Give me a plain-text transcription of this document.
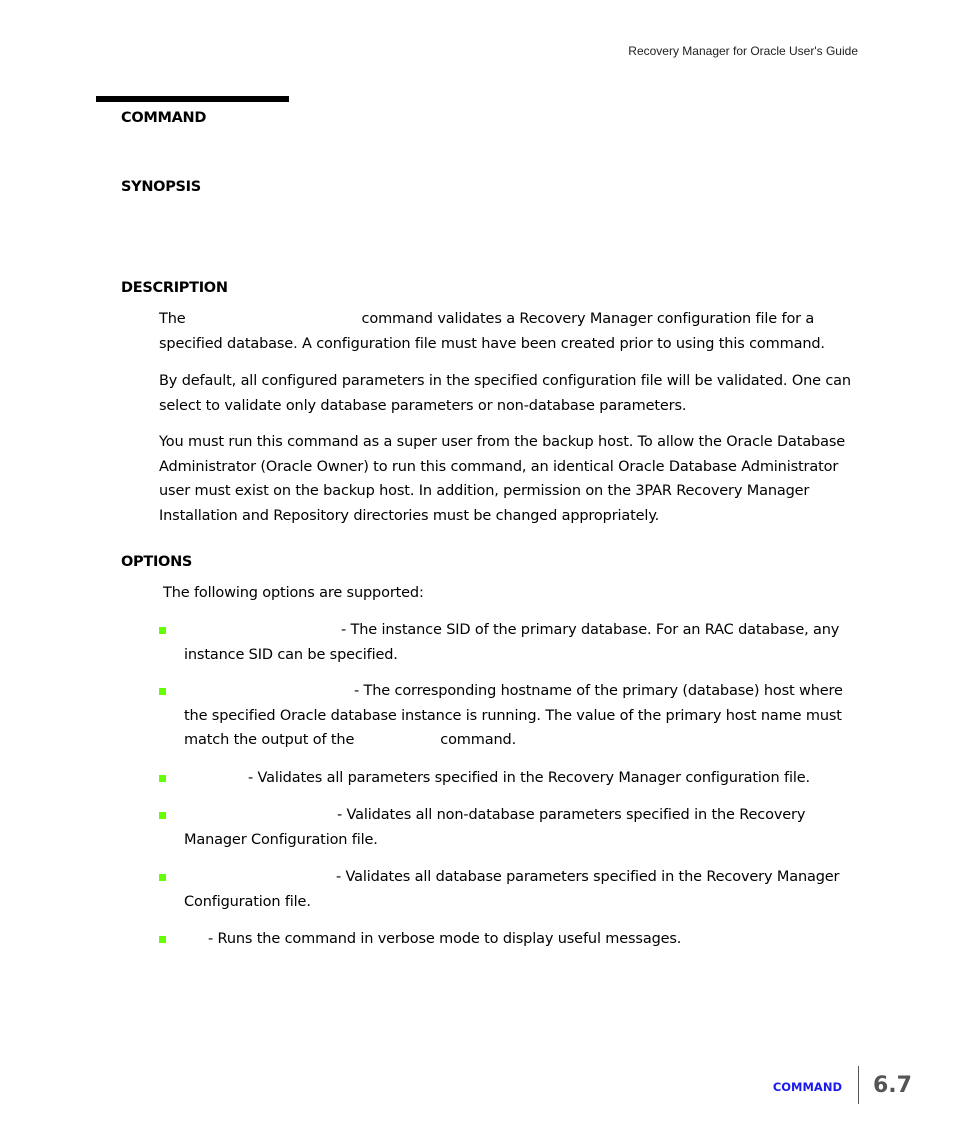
Recovery Manager for Oracle User's Guide
COMMAND
SYNOPSIS
DESCRIPTION
The	command validates a Recovery Manager configuration file for a
specified database. A configuration file must have been created prior to using this command.
By default, all configured parameters in the specified configuration file will be validated. One can select to validate only database parameters or non-database parameters.
You must run this command as a super user from the backup host. To allow the Oracle Database Administrator (Oracle Owner) to run this command, an identical Oracle Database Administrator user must exist on the backup host. In addition, permission on the 3PAR Recovery Manager Installation and Repository directories must be changed appropriately.
OPTIONS
The following options are supported:
- The instance SID of the primary database. For an RAC database, any instance SID can be specified.
- The corresponding hostname of the primary (database) host where the specified Oracle database instance is running. The value of the primary host name must match the output of the	command.
- Validates all parameters specified in the Recovery Manager configuration file.
- Validates all non-database parameters specified in the Recovery Manager Configuration file.
- Validates all database parameters specified in the Recovery Manager Configuration file.
- Runs the command in verbose mode to display useful messages.
COMMAND 6.7
